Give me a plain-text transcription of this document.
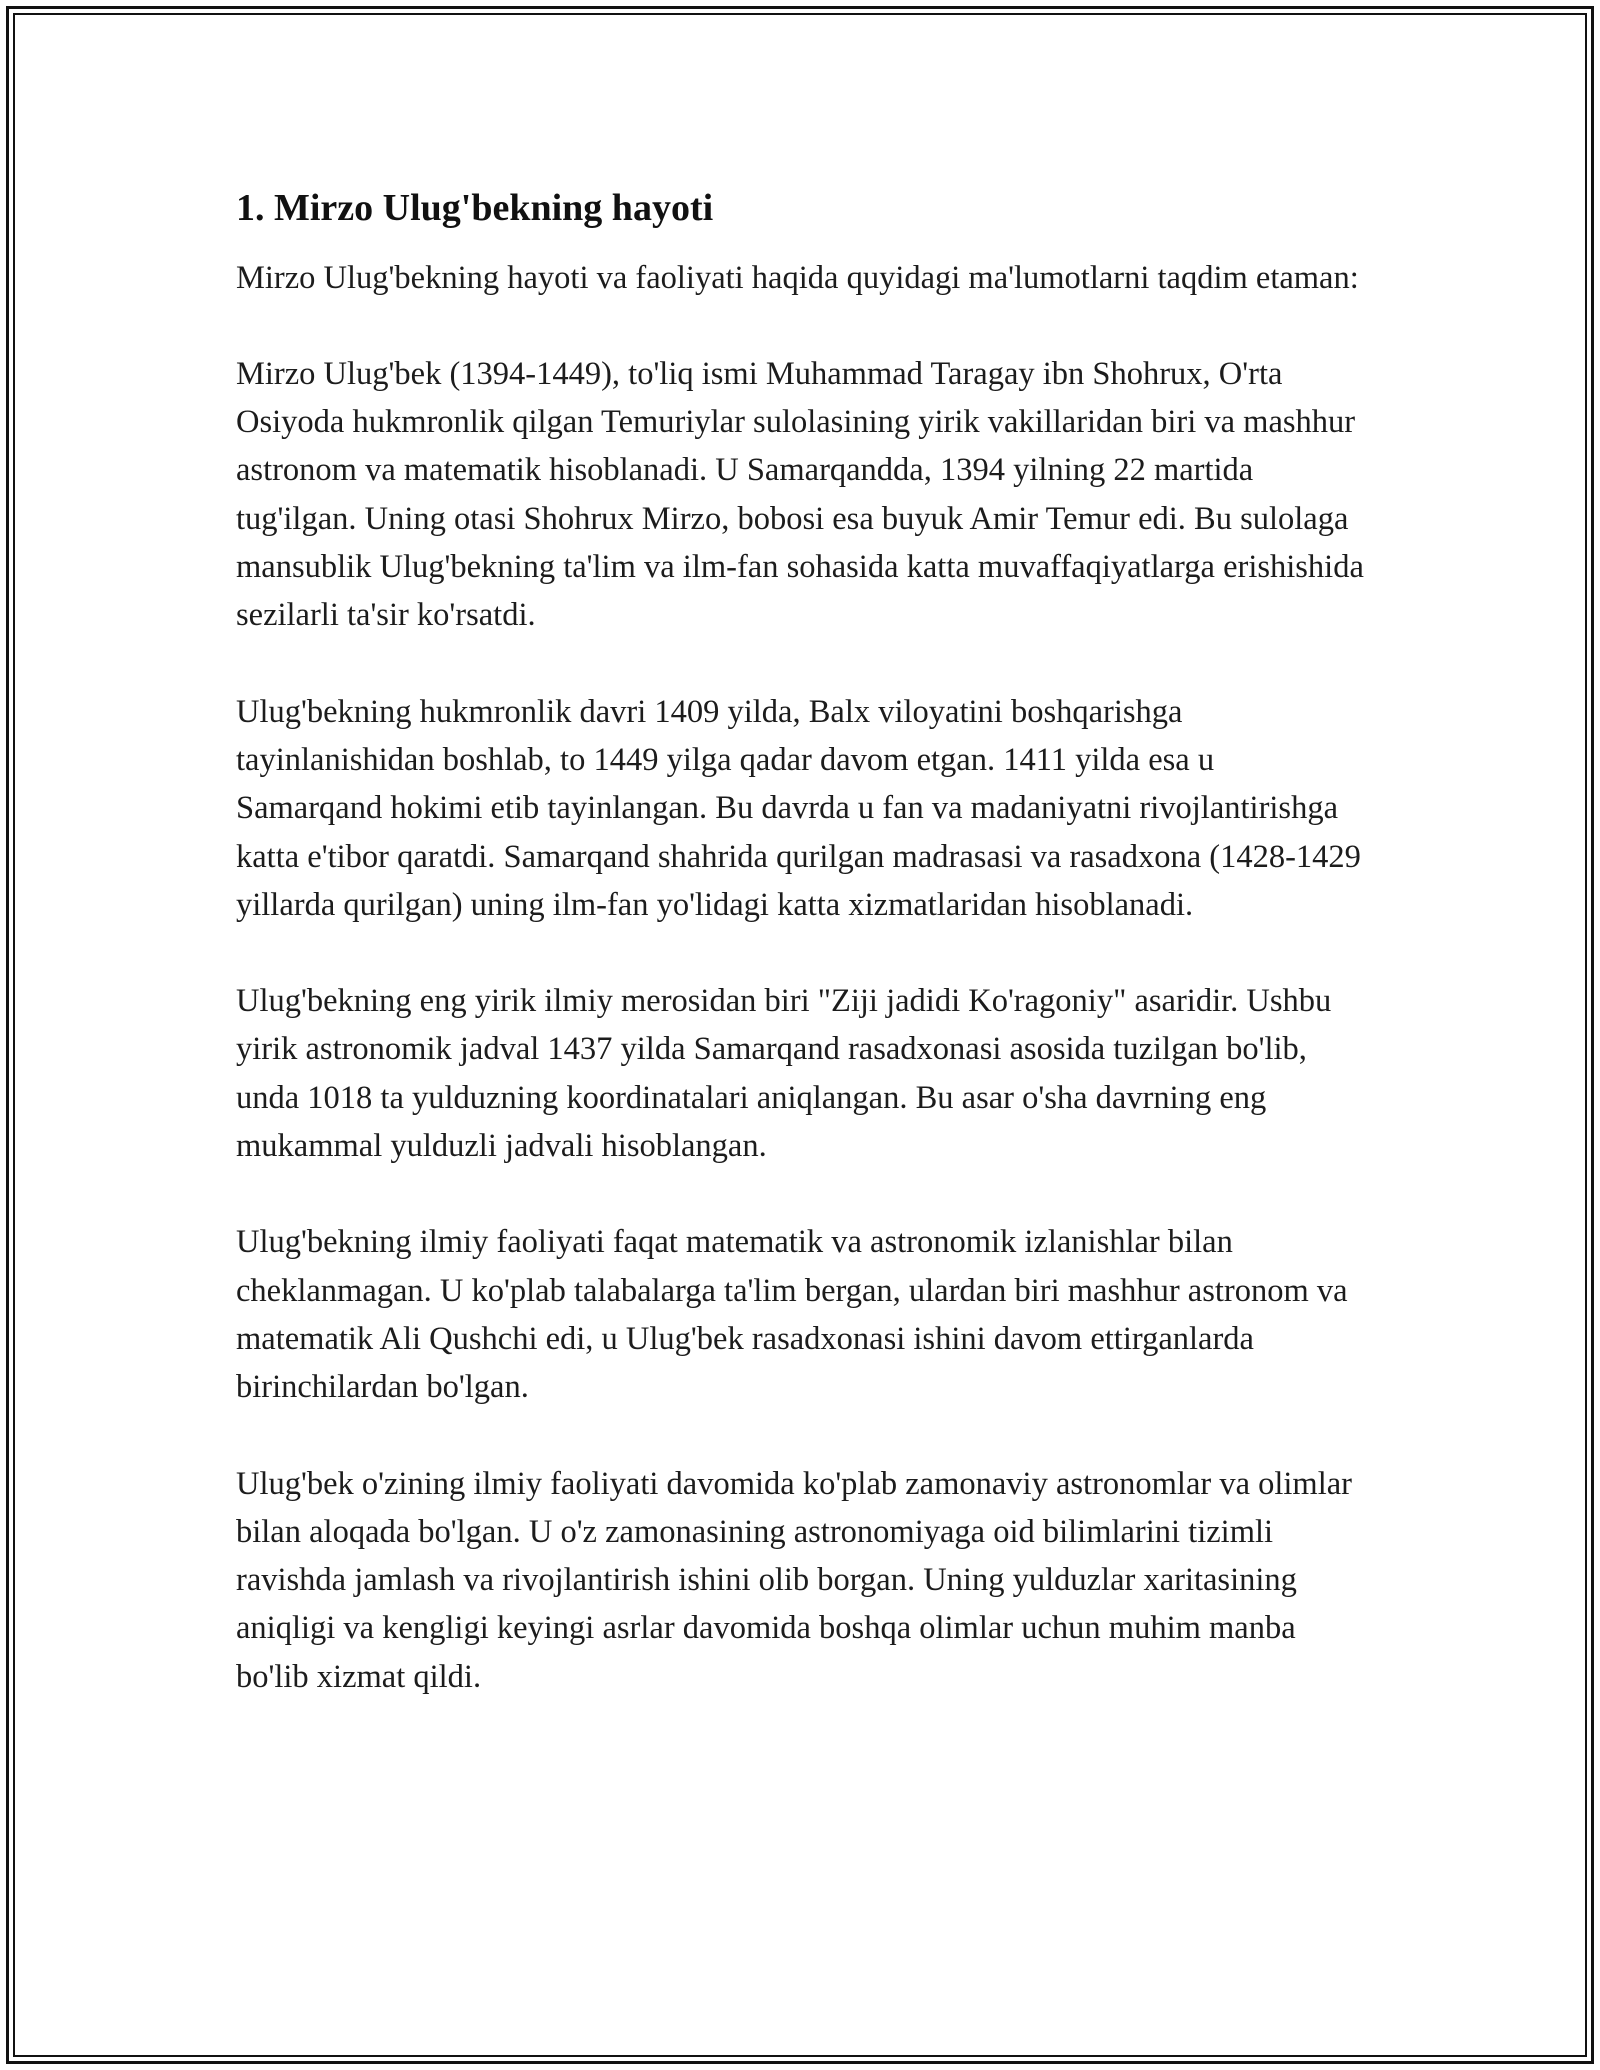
1. Mirzo Ulug'bekning hayoti

Mirzo Ulug'bekning hayoti va faoliyati haqida quyidagi ma'lumotlarni taqdim etaman:

Mirzo Ulug'bek (1394-1449), to'liq ismi Muhammad Taragay ibn Shohrux, O'rta Osiyoda hukmronlik qilgan Temuriylar sulolasining yirik vakillaridan biri va mashhur astronom va matematik hisoblanadi. U Samarqandda, 1394 yilning 22 martida tug'ilgan. Uning otasi Shohrux Mirzo, bobosi esa buyuk Amir Temur edi. Bu sulolaga mansublik Ulug'bekning ta'lim va ilm-fan sohasida katta muvaffaqiyatlarga erishishida sezilarli ta'sir ko'rsatdi.

Ulug'bekning hukmronlik davri 1409 yilda, Balx viloyatini boshqarishga tayinlanishidan boshlab, to 1449 yilga qadar davom etgan. 1411 yilda esa u Samarqand hokimi etib tayinlangan. Bu davrda u fan va madaniyatni rivojlantirishga katta e'tibor qaratdi. Samarqand shahrida qurilgan madrasasi va rasadxona (1428-1429 yillarda qurilgan) uning ilm-fan yo'lidagi katta xizmatlaridan hisoblanadi.

Ulug'bekning eng yirik ilmiy merosidan biri "Ziji jadidi Ko'ragoniy" asaridir. Ushbu yirik astronomik jadval 1437 yilda Samarqand rasadxonasi asosida tuzilgan bo'lib, unda 1018 ta yulduzning koordinatalari aniqlangan. Bu asar o'sha davrning eng mukammal yulduzli jadvali hisoblangan.

Ulug'bekning ilmiy faoliyati faqat matematik va astronomik izlanishlar bilan cheklanmagan. U ko'plab talabalarga ta'lim bergan, ulardan biri mashhur astronom va matematik Ali Qushchi edi, u Ulug'bek rasadxonasi ishini davom ettirganlarda birinchilardan bo'lgan.

Ulug'bek o'zining ilmiy faoliyati davomida ko'plab zamonaviy astronomlar va olimlar bilan aloqada bo'lgan. U o'z zamonasining astronomiyaga oid bilimlarini tizimli ravishda jamlash va rivojlantirish ishini olib borgan. Uning yulduzlar xaritasining aniqligi va kengligi keyingi asrlar davomida boshqa olimlar uchun muhim manba bo'lib xizmat qildi.
